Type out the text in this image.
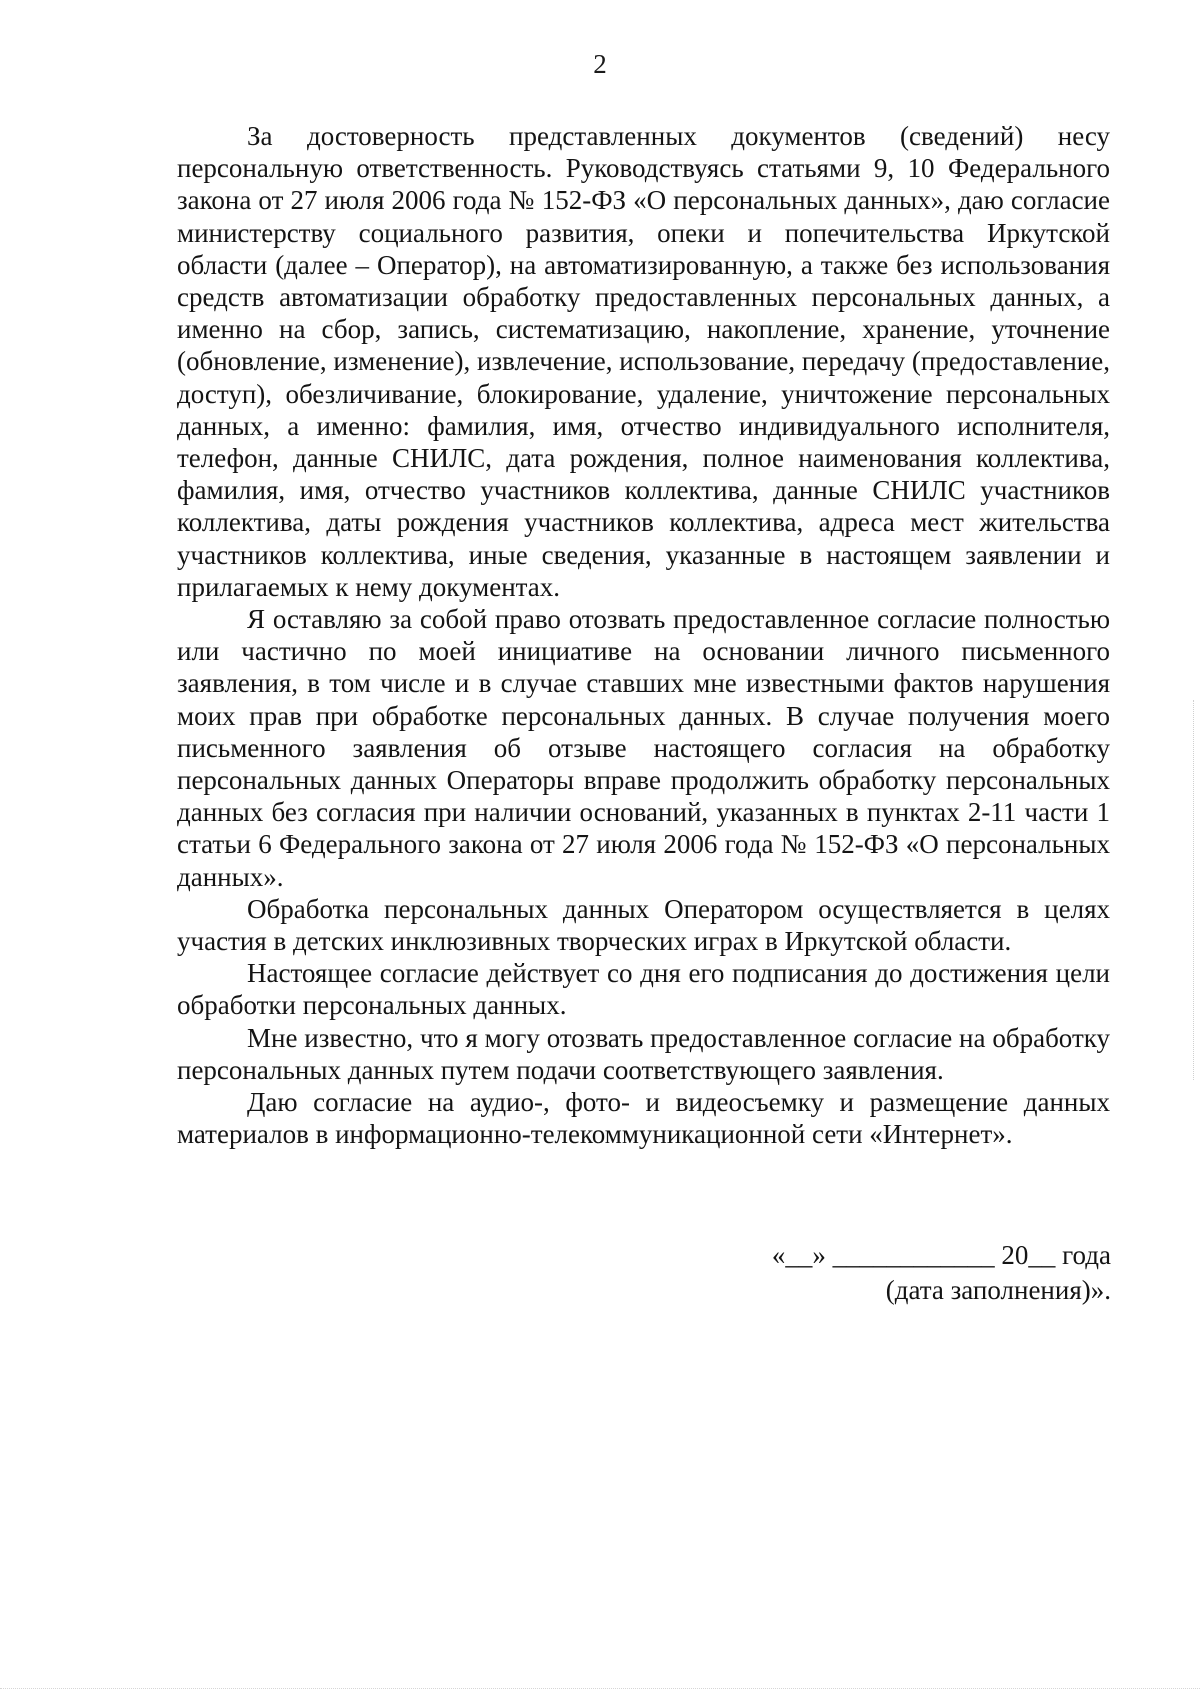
2

За достоверность представленных документов (сведений) несу персональную ответственность. Руководствуясь статьями 9, 10 Федерального закона от 27 июля 2006 года № 152-ФЗ «О персональных данных», даю согласие министерству социального развития, опеки и попечительства Иркутской области (далее – Оператор), на автоматизированную, а также без использования средств автоматизации обработку предоставленных персональных данных, а именно на сбор, запись, систематизацию, накопление, хранение, уточнение (обновление, изменение), извлечение, использование, передачу (предоставление, доступ), обезличивание, блокирование, удаление, уничтожение персональных данных, а именно: фамилия, имя, отчество индивидуального исполнителя, телефон, данные СНИЛС, дата рождения, полное наименования коллектива, фамилия, имя, отчество участников коллектива, данные СНИЛС участников коллектива, даты рождения участников коллектива, адреса мест жительства участников коллектива, иные сведения, указанные в настоящем заявлении и прилагаемых к нему документах.

Я оставляю за собой право отозвать предоставленное согласие полностью или частично по моей инициативе на основании личного письменного заявления, в том числе и в случае ставших мне известными фактов нарушения моих прав при обработке персональных данных. В случае получения моего письменного заявления об отзыве настоящего согласия на обработку персональных данных Операторы вправе продолжить обработку персональных данных без согласия при наличии оснований, указанных в пунктах 2-11 части 1 статьи 6 Федерального закона от 27 июля 2006 года № 152-ФЗ «О персональных данных».

Обработка персональных данных Оператором осуществляется в целях участия в детских инклюзивных творческих играх в Иркутской области.

Настоящее согласие действует со дня его подписания до достижения цели обработки персональных данных.

Мне известно, что я могу отозвать предоставленное согласие на обработку персональных данных путем подачи соответствующего заявления.

Даю согласие на аудио-, фото- и видеосъемку и размещение данных материалов в информационно-телекоммуникационной сети «Интернет».

«__» ____________ 20__ года
(дата заполнения)».
